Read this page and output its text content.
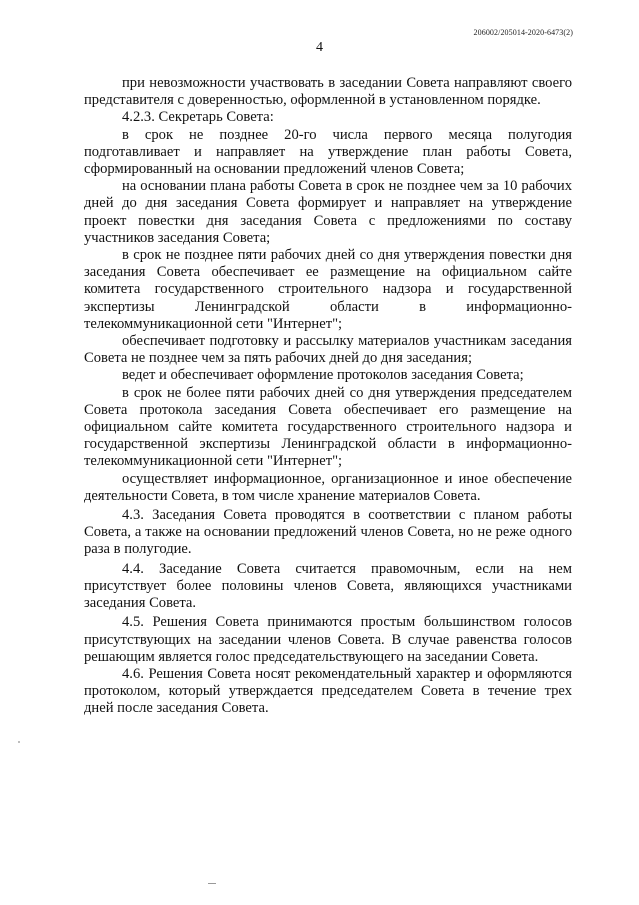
206002/205014-2020-6473(2)
4

при невозможности участвовать в заседании Совета направляют своего представителя с доверенностью, оформленной в установленном порядке.

4.2.3. Секретарь Совета:

в срок не позднее 20-го числа первого месяца полугодия подготавливает и направляет на утверждение план работы Совета, сформированный на основании предложений членов Совета;

на основании плана работы Совета в срок не позднее чем за 10 рабочих дней до дня заседания Совета формирует и направляет на утверждение проект повестки дня заседания Совета с предложениями по составу участников заседания Совета;

в срок не позднее пяти рабочих дней со дня утверждения повестки дня заседания Совета обеспечивает ее размещение на официальном сайте комитета государственного строительного надзора и государственной экспертизы Ленинградской области в информационно-телекоммуникационной сети "Интернет";

обеспечивает подготовку и рассылку материалов участникам заседания Совета не позднее чем за пять рабочих дней до дня заседания;

ведет и обеспечивает оформление протоколов заседания Совета;

в срок не более пяти рабочих дней со дня утверждения председателем Совета протокола заседания Совета обеспечивает его размещение на официальном сайте комитета государственного строительного надзора и государственной экспертизы Ленинградской области в информационно-телекоммуникационной сети "Интернет";

осуществляет информационное, организационное и иное обеспечение деятельности Совета, в том числе хранение материалов Совета.

4.3. Заседания Совета проводятся в соответствии с планом работы Совета, а также на основании предложений членов Совета, но не реже одного раза в полугодие.

4.4. Заседание Совета считается правомочным, если на нем присутствует более половины членов Совета, являющихся участниками заседания Совета.

4.5. Решения Совета принимаются простым большинством голосов присутствующих на заседании членов Совета. В случае равенства голосов решающим является голос председательствующего на заседании Совета.

4.6. Решения Совета носят рекомендательный характер и оформляются протоколом, который утверждается председателем Совета в течение трех дней после заседания Совета.
